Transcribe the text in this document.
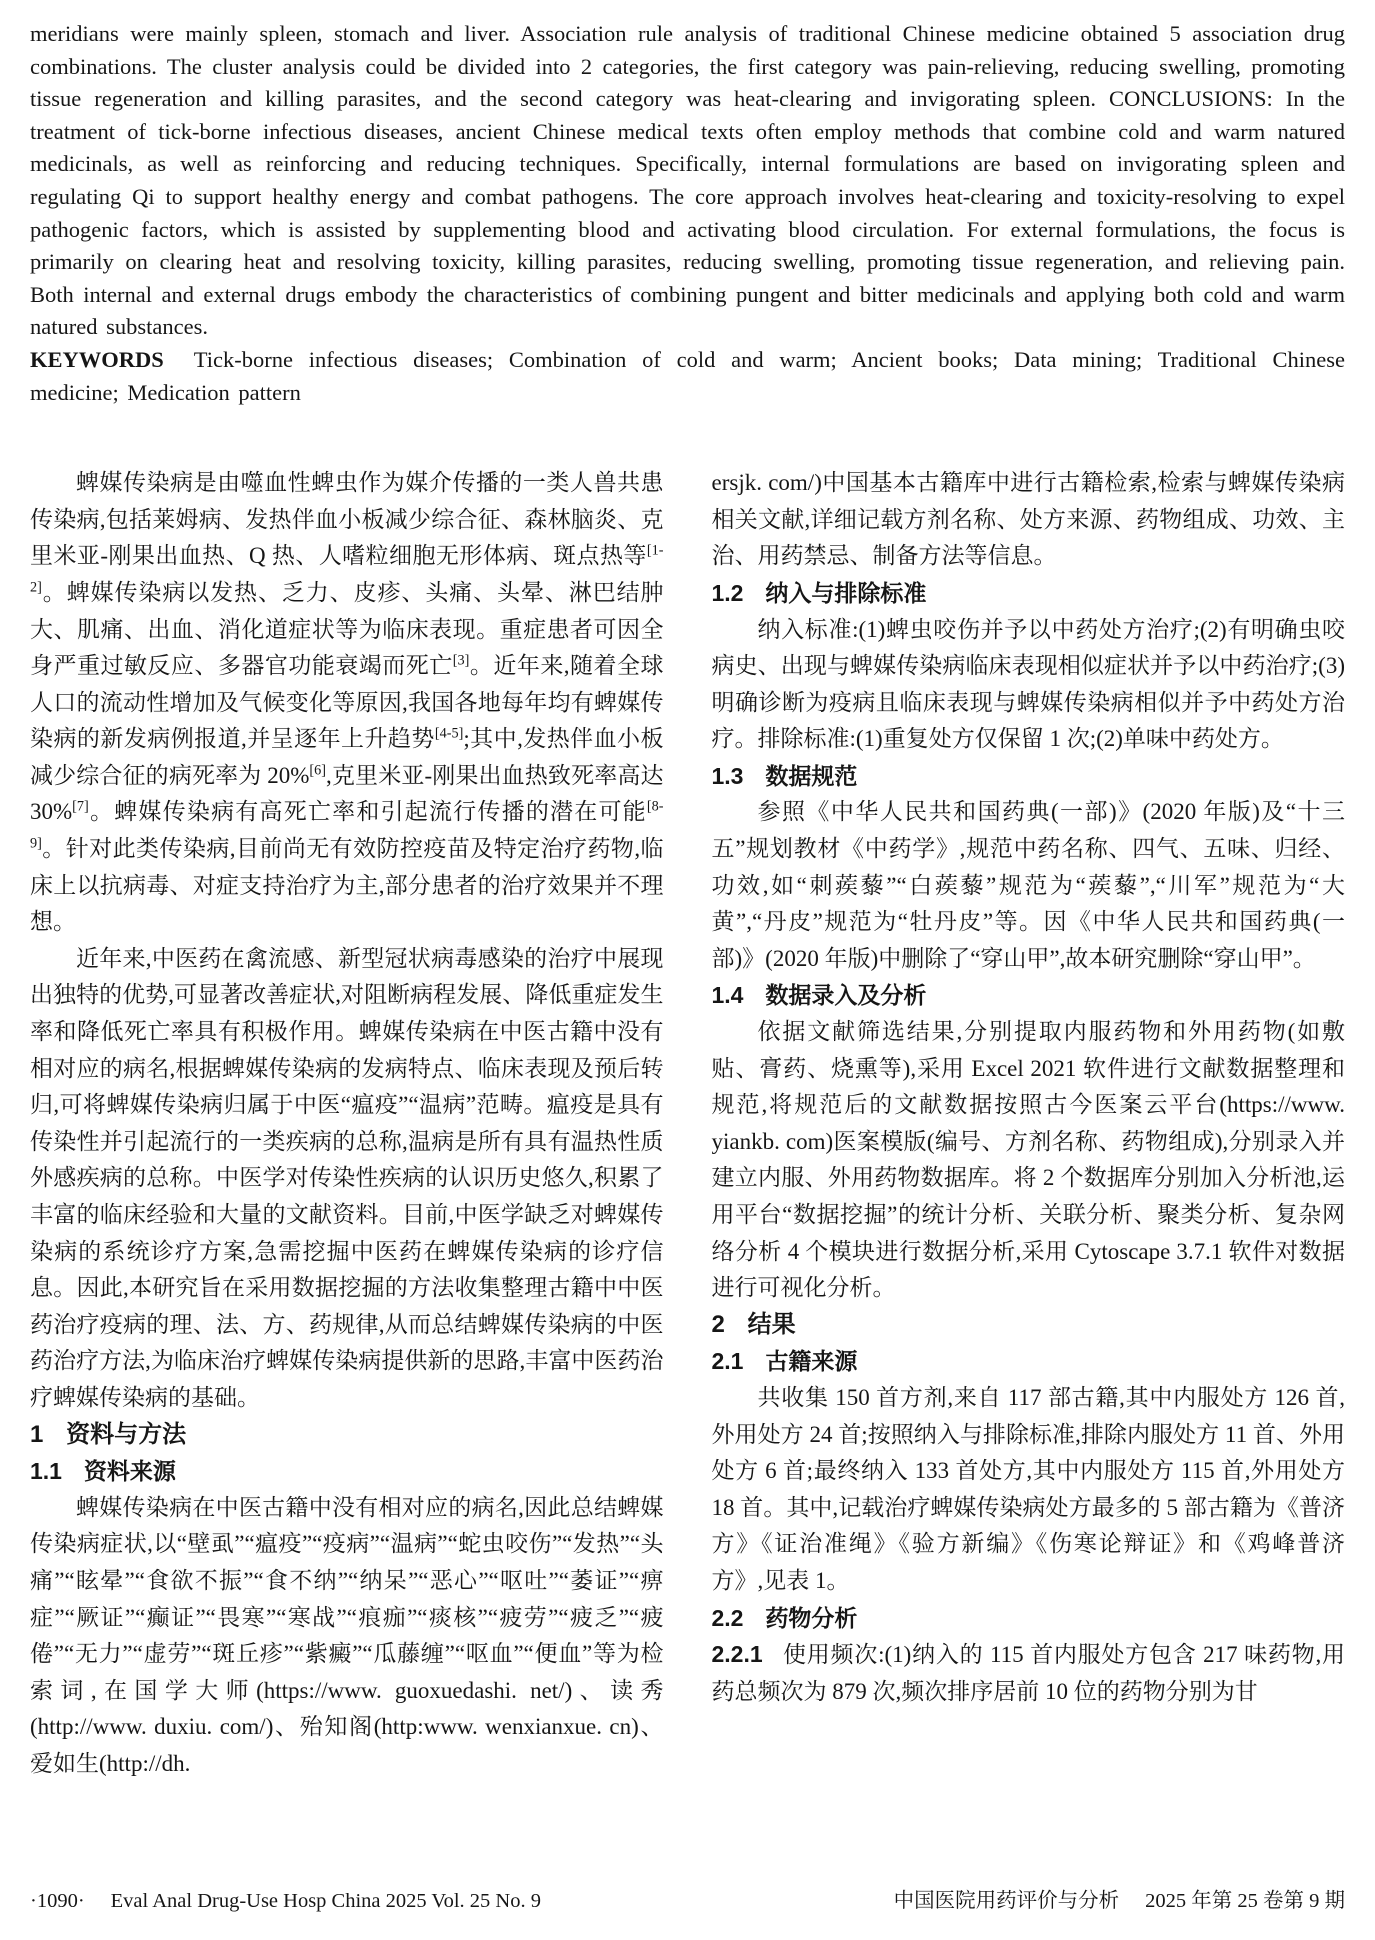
meridians were mainly spleen, stomach and liver. Association rule analysis of traditional Chinese medicine obtained 5 association drug combinations. The cluster analysis could be divided into 2 categories, the first category was pain-relieving, reducing swelling, promoting tissue regeneration and killing parasites, and the second category was heat-clearing and invigorating spleen. CONCLUSIONS: In the treatment of tick-borne infectious diseases, ancient Chinese medical texts often employ methods that combine cold and warm natured medicinals, as well as reinforcing and reducing techniques. Specifically, internal formulations are based on invigorating spleen and regulating Qi to support healthy energy and combat pathogens. The core approach involves heat-clearing and toxicity-resolving to expel pathogenic factors, which is assisted by supplementing blood and activating blood circulation. For external formulations, the focus is primarily on clearing heat and resolving toxicity, killing parasites, reducing swelling, promoting tissue regeneration, and relieving pain. Both internal and external drugs embody the characteristics of combining pungent and bitter medicinals and applying both cold and warm natured substances.

KEYWORDS Tick-borne infectious diseases; Combination of cold and warm; Ancient books; Data mining; Traditional Chinese medicine; Medication pattern

蜱媒传染病是由噬血性蜱虫作为媒介传播的一类人兽共患传染病,包括莱姆病、发热伴血小板减少综合征、森林脑炎、克里米亚-刚果出血热、Q 热、人嗜粒细胞无形体病、斑点热等[1-2]。蜱媒传染病以发热、乏力、皮疹、头痛、头晕、淋巴结肿大、肌痛、出血、消化道症状等为临床表现。重症患者可因全身严重过敏反应、多器官功能衰竭而死亡[3]。近年来,随着全球人口的流动性增加及气候变化等原因,我国各地每年均有蜱媒传染病的新发病例报道,并呈逐年上升趋势[4-5];其中,发热伴血小板减少综合征的病死率为 20%[6],克里米亚-刚果出血热致死率高达 30%[7]。蜱媒传染病有高死亡率和引起流行传播的潜在可能[8-9]。针对此类传染病,目前尚无有效防控疫苗及特定治疗药物,临床上以抗病毒、对症支持治疗为主,部分患者的治疗效果并不理想。

近年来,中医药在禽流感、新型冠状病毒感染的治疗中展现出独特的优势,可显著改善症状,对阻断病程发展、降低重症发生率和降低死亡率具有积极作用。蜱媒传染病在中医古籍中没有相对应的病名,根据蜱媒传染病的发病特点、临床表现及预后转归,可将蜱媒传染病归属于中医“瘟疫”“温病”范畴。瘟疫是具有传染性并引起流行的一类疾病的总称,温病是所有具有温热性质外感疾病的总称。中医学对传染性疾病的认识历史悠久,积累了丰富的临床经验和大量的文献资料。目前,中医学缺乏对蜱媒传染病的系统诊疗方案,急需挖掘中医药在蜱媒传染病的诊疗信息。因此,本研究旨在采用数据挖掘的方法收集整理古籍中中医药治疗疫病的理、法、方、药规律,从而总结蜱媒传染病的中医药治疗方法,为临床治疗蜱媒传染病提供新的思路,丰富中医药治疗蜱媒传染病的基础。

1 资料与方法
1.1 资料来源

蜱媒传染病在中医古籍中没有相对应的病名,因此总结蜱媒传染病症状,以“壁虱”“瘟疫”“疫病”“温病”“蛇虫咬伤”“发热”“头痛”“眩晕”“食欲不振”“食不纳”“纳呆”“恶心”“呕吐”“萎证”“痹症”“厥证”“癫证”“畏寒”“寒战”“痕痂”“痰核”“疲劳”“疲乏”“疲倦”“无力”“虚劳”“斑丘疹”“紫癜”“瓜藤缠”“呕血”“便血”等为检索词,在国学大师(https://www. guoxuedashi. net/)、读秀(http://www. duxiu. com/)、殆知阁(http:www. wenxianxue. cn)、爱如生(http://dh.

ersjk. com/)中国基本古籍库中进行古籍检索,检索与蜱媒传染病相关文献,详细记载方剂名称、处方来源、药物组成、功效、主治、用药禁忌、制备方法等信息。

1.2 纳入与排除标准

纳入标准:(1)蜱虫咬伤并予以中药处方治疗;(2)有明确虫咬病史、出现与蜱媒传染病临床表现相似症状并予以中药治疗;(3)明确诊断为疫病且临床表现与蜱媒传染病相似并予中药处方治疗。排除标准:(1)重复处方仅保留 1 次;(2)单味中药处方。

1.3 数据规范

参照《中华人民共和国药典(一部)》(2020 年版)及“十三五”规划教材《中药学》,规范中药名称、四气、五味、归经、功效,如“刺蒺藜”“白蒺藜”规范为“蒺藜”,“川军”规范为“大黄”,“丹皮”规范为“牡丹皮”等。因《中华人民共和国药典(一部)》(2020 年版)中删除了“穿山甲”,故本研究删除“穿山甲”。

1.4 数据录入及分析

依据文献筛选结果,分别提取内服药物和外用药物(如敷贴、膏药、烧熏等),采用 Excel 2021 软件进行文献数据整理和规范,将规范后的文献数据按照古今医案云平台(https://www. yiankb. com)医案模版(编号、方剂名称、药物组成),分别录入并建立内服、外用药物数据库。将 2 个数据库分别加入分析池,运用平台“数据挖掘”的统计分析、关联分析、聚类分析、复杂网络分析 4 个模块进行数据分析,采用 Cytoscape 3.7.1 软件对数据进行可视化分析。

2 结果
2.1 古籍来源

共收集 150 首方剂,来自 117 部古籍,其中内服处方 126 首,外用处方 24 首;按照纳入与排除标准,排除内服处方 11 首、外用处方 6 首;最终纳入 133 首处方,其中内服处方 115 首,外用处方 18 首。其中,记载治疗蜱媒传染病处方最多的 5 部古籍为《普济方》《证治准绳》《验方新编》《伤寒论辩证》和《鸡峰普济方》,见表 1。

2.2 药物分析

2.2.1 使用频次:(1)纳入的 115 首内服处方包含 217 味药物,用药总频次为 879 次,频次排序居前 10 位的药物分别为甘

·1090· Eval Anal Drug-Use Hosp China 2025 Vol. 25 No. 9	中国医院用药评价与分析 2025 年第 25 卷第 9 期
